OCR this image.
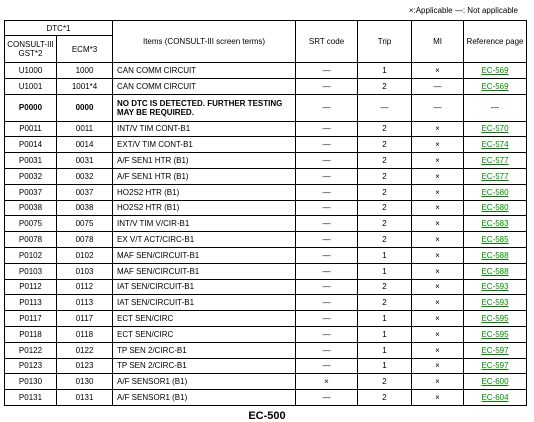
×:Applicable —: Not applicable
DTC*1		Items (CONSULT-III screen terms)	SRT code	Trip	MI	Reference page
CONSULT-III GST*2	ECM*3					
U1000	1000	CAN COMM CIRCUIT	—	1	×	EC-569
U1001	1001*4	CAN COMM CIRCUIT	—	2	—	EC-569
P0000	0000	NO DTC IS DETECTED. FURTHER TESTING MAY BE REQUIRED.	—	—	—	—
P0011	0011	INT/V TIM CONT-B1	—	2	×	EC-570
P0014	0014	EXT/V TIM CONT-B1	—	2	×	EC-574
P0031	0031	A/F SEN1 HTR (B1)	—	2	×	EC-577
P0032	0032	A/F SEN1 HTR (B1)	—	2	×	EC-577
P0037	0037	HO2S2 HTR (B1)	—	2	×	EC-580
P0038	0038	HO2S2 HTR (B1)	—	2	×	EC-580
P0075	0075	INT/V TIM V/CIR-B1	—	2	×	EC-583
P0078	0078	EX V/T ACT/CIRC-B1	—	2	×	EC-585
P0102	0102	MAF SEN/CIRCUIT-B1	—	1	×	EC-588
P0103	0103	MAF SEN/CIRCUIT-B1	—	1	×	EC-588
P0112	0112	IAT SEN/CIRCUIT-B1	—	2	×	EC-593
P0113	0113	IAT SEN/CIRCUIT-B1	—	2	×	EC-593
P0117	0117	ECT SEN/CIRC	—	1	×	EC-595
P0118	0118	ECT SEN/CIRC	—	1	×	EC-595
P0122	0122	TP SEN 2/CIRC-B1	—	1	×	EC-597
P0123	0123	TP SEN 2/CIRC-B1	—	1	×	EC-597
P0130	0130	A/F SENSOR1 (B1)	×	2	×	EC-600
P0131	0131	A/F SENSOR1 (B1)	—	2	×	EC-604
EC-500
